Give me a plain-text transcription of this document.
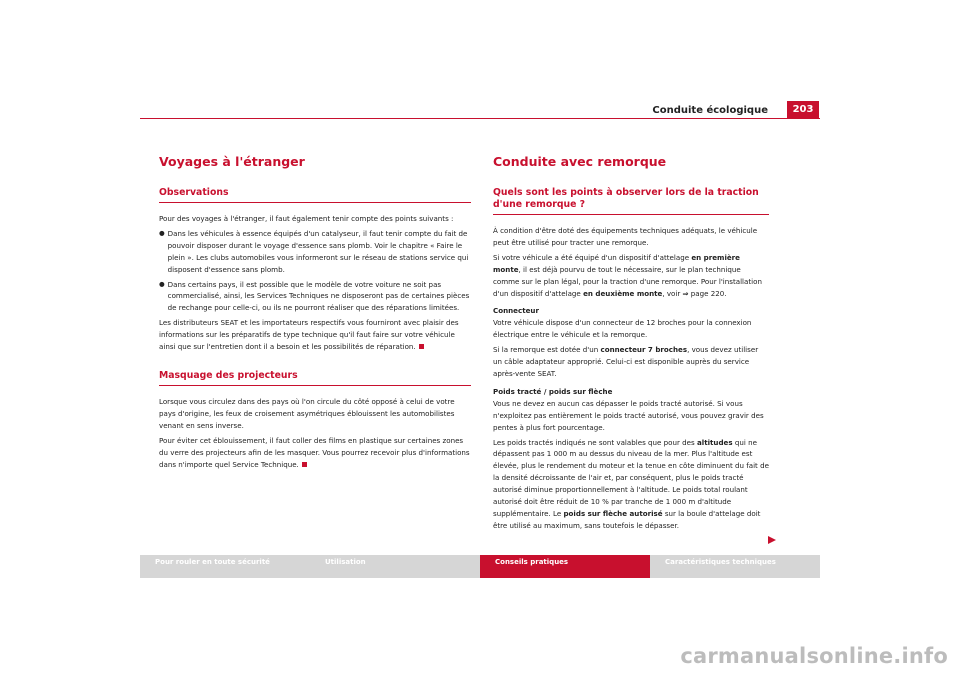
Conduite écologique	203
Voyages à l'étranger
Observations

Pour des voyages à l'étranger, il faut également tenir compte des points suivants :

● Dans les véhicules à essence équipés d'un catalyseur, il faut tenir compte du fait de pouvoir disposer durant le voyage d'essence sans plomb. Voir le chapitre « Faire le plein ». Les clubs automobiles vous informeront sur le réseau de stations service qui disposent d'essence sans plomb.
● Dans certains pays, il est possible que le modèle de votre voiture ne soit pas commercialisé, ainsi, les Services Techniques ne disposeront pas de certaines pièces de rechange pour celle-ci, ou ils ne pourront réaliser que des réparations limitées.

Les distributeurs SEAT et les importateurs respectifs vous fourniront avec plaisir des informations sur les préparatifs de type technique qu'il faut faire sur votre véhicule ainsi que sur l'entretien dont il a besoin et les possibilités de réparation.

Masquage des projecteurs

Lorsque vous circulez dans des pays où l'on circule du côté opposé à celui de votre pays d'origine, les feux de croisement asymétriques éblouissent les automobilistes venant en sens inverse.

Pour éviter cet éblouissement, il faut coller des films en plastique sur certaines zones du verre des projecteurs afin de les masquer. Vous pourrez recevoir plus d'informations dans n'importe quel Service Technique.

Conduite avec remorque
Quels sont les points à observer lors de la traction d'une remorque ?

À condition d'être doté des équipements techniques adéquats, le véhicule peut être utilisé pour tracter une remorque.

Si votre véhicule a été équipé d'un dispositif d'attelage en première monte, il est déjà pourvu de tout le nécessaire, sur le plan technique comme sur le plan légal, pour la traction d'une remorque. Pour l'installation d'un dispositif d'attelage en deuxième monte, voir ⇒ page 220.

Connecteur

Votre véhicule dispose d'un connecteur de 12 broches pour la connexion électrique entre le véhicule et la remorque.

Si la remorque est dotée d'un connecteur 7 broches, vous devez utiliser un câble adaptateur approprié. Celui-ci est disponible auprès du service après-vente SEAT.

Poids tracté / poids sur flèche

Vous ne devez en aucun cas dépasser le poids tracté autorisé. Si vous n'exploitez pas entièrement le poids tracté autorisé, vous pouvez gravir des pentes à plus fort pourcentage.

Les poids tractés indiqués ne sont valables que pour des altitudes qui ne dépassent pas 1 000 m au dessus du niveau de la mer. Plus l'altitude est élevée, plus le rendement du moteur et la tenue en côte diminuent du fait de la densité décroissante de l'air et, par conséquent, plus le poids tracté autorisé diminue proportionnellement à l'altitude. Le poids total roulant autorisé doit être réduit de 10 % par tranche de 1 000 m d'altitude supplémentaire. Le poids sur flèche autorisé sur la boule d'attelage doit être utilisé au maximum, sans toutefois le dépasser.

Pour rouler en toute sécurité	Utilisation	Conseils pratiques	Caractéristiques techniques
carmanualsonline.info
